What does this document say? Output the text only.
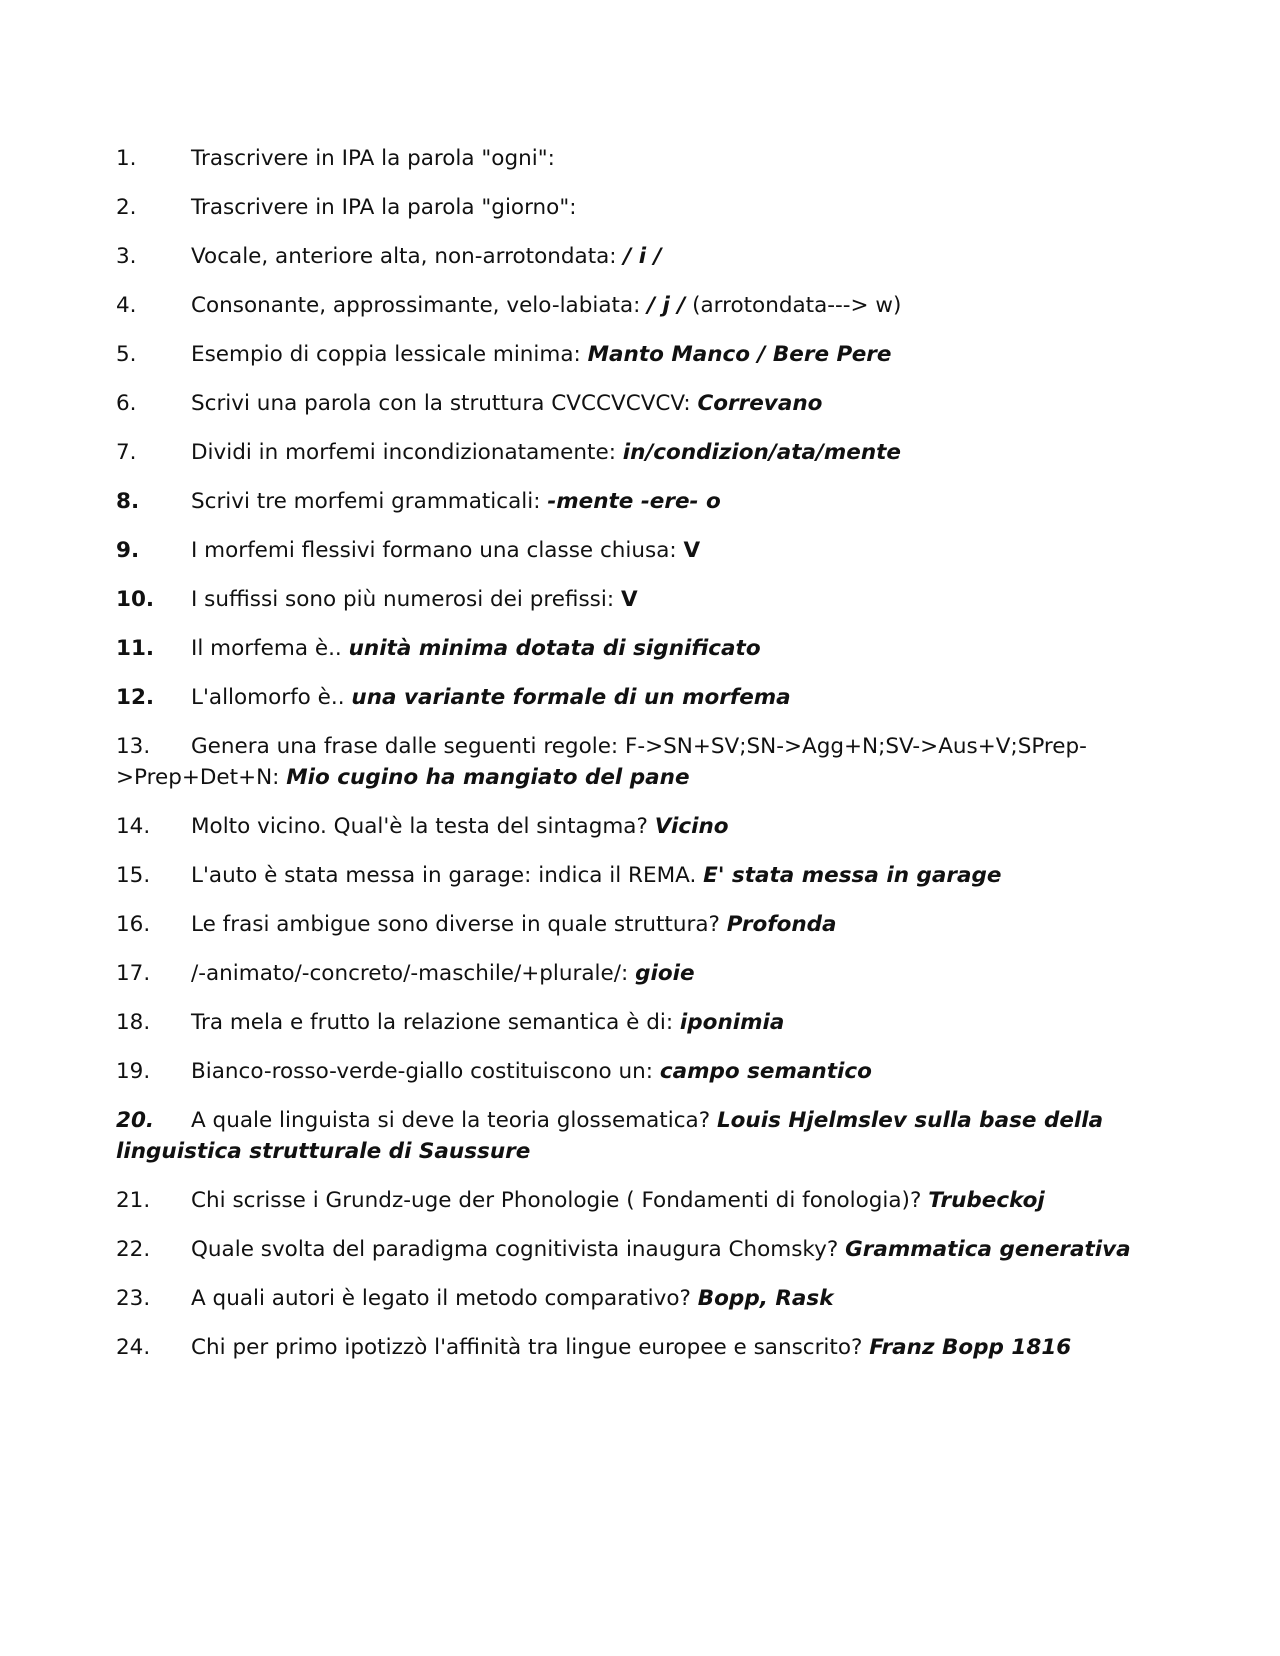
1.	Trascrivere in IPA la parola "ogni":
2.	Trascrivere in IPA la parola "giorno":
3.	Vocale, anteriore alta, non-arrotondata: / i /
4.	Consonante, approssimante, velo-labiata: / j / (arrotondata---> w)
5.	Esempio di coppia lessicale minima: Manto Manco / Bere Pere
6.	Scrivi una parola con la struttura CVCCVCVCV: Correvano
7.	Dividi in morfemi incondizionatamente: in/condizion/ata/mente
8. Scrivi tre morfemi grammaticali: -mente -ere- o
9. I morfemi flessivi formano una classe chiusa: V
10. I suffissi sono più numerosi dei prefissi: V
11. Il morfema è.. unità minima dotata di significato
12. L'allomorfo è.. una variante formale di un morfema
13. Genera una frase dalle seguenti regole: F->SN+SV;SN->Agg+N;SV->Aus+V;SPrep->Prep+Det+N: Mio cugino ha mangiato del pane
14. Molto vicino. Qual'è la testa del sintagma? Vicino
15. L'auto è stata messa in garage: indica il REMA. E' stata messa in garage
16. Le frasi ambigue sono diverse in quale struttura? Profonda
17. /-animato/-concreto/-maschile/+plurale/: gioie
18. Tra mela e frutto la relazione semantica è di: iponimia
19. Bianco-rosso-verde-giallo costituiscono un: campo semantico
20. A quale linguista si deve la teoria glossematica? Louis Hjelmslev sulla base della linguistica strutturale di Saussure
21. Chi scrisse i Grundz-uge der Phonologie ( Fondamenti di fonologia)? Trubeckoj
22. Quale svolta del paradigma cognitivista inaugura Chomsky? Grammatica generativa
23. A quali autori è legato il metodo comparativo? Bopp, Rask
24. Chi per primo ipotizzò l'affinità tra lingue europee e sanscrito? Franz Bopp 1816
